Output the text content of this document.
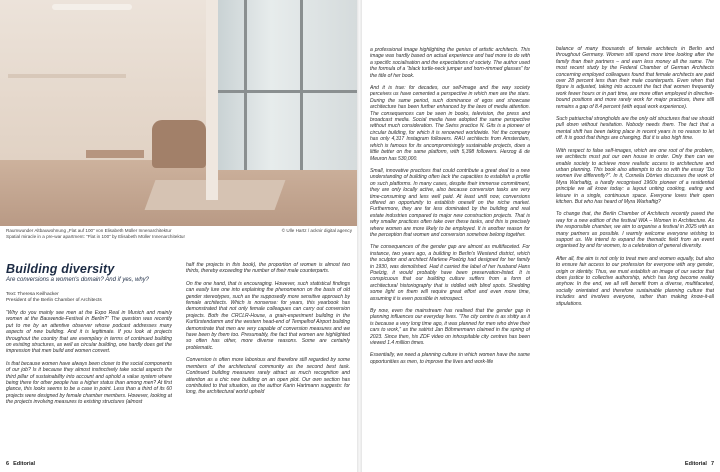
Raumwunder Altbauwohnung „Flat auf 100“ von Elisabeth Müller Innenarchitektur
Spatial miracle in a pre-war apartment: “Flat in 100” by Elisabeth Müller Innenarchitektur
© Ulle Hartz / acknir digital agency
Building diversity
Are conversions a women's domain? And if yes, why?
Text: Theresa Keilhacker
President of the Berlin Chamber of Architects

“Why do you mainly see men at the Expo Real in Munich and mainly women at the Bauwende-Festival in Berlin?” The question was recently put to me by an attentive observer whose podcast addresses many aspects of new building. And it is legitimate. If you look at projects throughout the country that are exemplary in terms of continued building on existing structures, as well as circular building, one hardly does get the impression that men build and women convert.

Is that because women have always been closer to the social components of our job? Is it because they almost instinctively take social aspects the third pillar of sustainability into account and uphold a value system where being there for other people has a higher status than among men? At first glance, this looks seems to be a case in point. Less than a third of its 60 projects were designed by female chamber members. However, looking at the projects involving measures to existing structures (almost

half the projects in this book), the proportion of women is almost two thirds, thereby exceeding the number of their male counterparts.

On the one hand, that is encouraging. However, such statistical findings can easily lure one into explaining the phenomenon on the basis of old gender stereotypes, such as the supposedly more sensitive approach by female architects. Which is nonsense: for years, this yearbook has demonstrated that not only female colleagues can carry out conversion projects. Both the CRCLR-House, a grain-experiment building in the Kurfürstendamm and the western head-end of Tempelhof Airport building demonstrate that men are very capable of conversion measures and we have been by them too. Presumably, the fact that women are highlighted so often has other, more diverse reasons. Some are certainly problematic.

Conversion is often more laborious and therefore still regarded by some members of the architectural community as the second best task. Continued building measures rarely attract as much recognition and attention as a chic new building on an open plot. Our own section has contributed to that situation, as the author Karin Hartmann suggests: for long, the architectural world upheld

6 Editorial

a professional image highlighting the genius of artistic architects. This image was hardly based on actual experience and had more to do with a specific socialisation and the expectations of society. The author used the formula of a “black turtle-neck jumper and horn-rimmed glasses” for the title of her book.

And it is true: for decades, our self-image and the way society perceives us have cemented a perspective in which men are the stars. During the same period, such dominance of egos and showcase architecture has been further enhanced by the laws of media attention. The consequences can be seen in books, television, the press and broadcast media. Social media have adopted the same perspective without much consideration. The Swiss practice N. Gits is a pioneer of circular building, for which it is renowned worldwide. Yet the company has only 4,317 Instagram followers. RAU architects from Amsterdam, which is famous for its uncompromisingly sustainable projects, does a little better on the same platform, with 5,398 followers. Herzog & de Meuron has 530,000.

Small, innovative practices that could contribute a great deal to a new understanding of building often lack the capacities to establish a profile on such platforms. In many cases, despite their immense commitment, they are only locally active, also because conversion tasks are very time-consuming and less well paid. At least until now, conversions offered an opportunity to establish oneself on the niche market. Furthermore, they are far less dominated by the building and real estate industries compared to major new construction projects. That is why smaller practices often take over these tasks, and this is precisely where women are more likely to be employed. It is another reason for the perception that women and conversion somehow belong together.

The consequences of the gender gap are almost as multifaceted. For instance, two years ago, a building in Berlin's Westend district, which the sculptor and architect Marlene Poelzig had designed for her family in 1930, was demolished. Had it carried the label of her husband Hans Poelzig, it would probably have been preservation-listed. It is conspicuous that our building culture suffers from a form of architectural historiography that is riddled with blind spots. Shedding some light on them will require great effort and even more time, assuming it is even possible in retrospect.

By now, even the mainstream has realised that the gender gap in planning influences our everyday lives. “The city centre is as shitty as it is because a very long time ago, it was planned for men who drive their cars to work,” as the satirist Jan Böhmermann claimed in the spring of 2023. Since then, his ZDF video on inhospitable city centres has been viewed 1.4 million times.

Essentially, we need a planning culture in which women have the same opportunities as men, to improve the lives and work-life

balance of many thousands of female architects in Berlin and throughout Germany. Women still spend more time looking after the family than their partners – and earn less money all the same. The most recent study by the Federal Chamber of German Architects concerning employed colleagues found that female architects are paid over 28 percent less than their male counterparts. Even when that figure is adjusted, taking into account the fact that women frequently work fewer hours or in part time, are more often employed in directive-bound positions and more rarely work for major practices, there still remains a gap of 8.4 percent (with equal work experience).

Such patriarchal strongholds are the only old structures that we should pull down without hesitation. Nobody needs them. The fact that a mental shift has been taking place in recent years is no reason to let off. It is good that things are changing. But it is also high time.

With respect to false self-images, which are one root of the problem, we architects must put our own house in order. Only then can we enable society to achieve more realistic access to architecture and urban planning. This book also attempts to do so with the essay “Do women live differently?”. In it, Cornelia Dörries discusses the work of Myra Warhaftig, a hardly recognised 1960s pioneer of a residential principle we all know today: a layout uniting cooking, eating and leisure in a single, continuous space. Everyone loves their open kitchen. But who has heard of Myra Warhaftig?

To change that, the Berlin Chamber of Architects recently paved the way for a new edition of the festival WIA – Women in Architecture. As the responsible chamber, we aim to organise a festival in 2025 with as many partners as possible. I warmly welcome everyone wishing to support us. We intend to expand the thematic field from an event organised by and for women, to a celebration of general diversity.

After all, the aim is not only to treat men and women equally, but also to ensure fair access to our profession for everyone with any gender, origin or identity. Thus, we must establish an image of our sector that does justice to collective authorship, which has long become reality anyhow. In the end, we all will benefit from a diverse, multifaceted, socially orientated and therefore sustainable planning culture that includes and involves everyone, rather than making know-it-all stipulations.

Editorial 7
